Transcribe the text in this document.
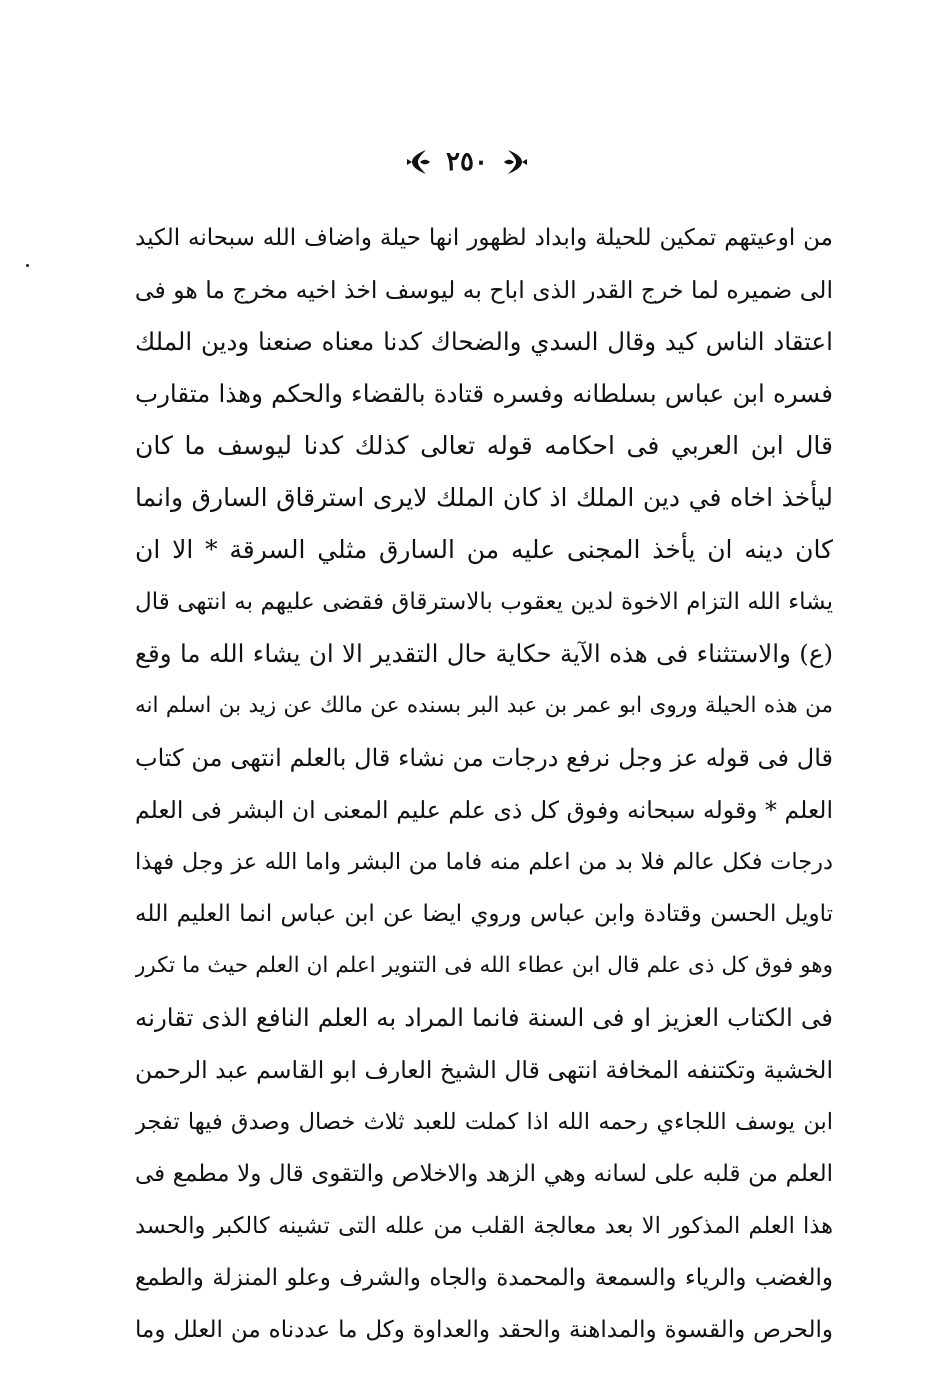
٢٥٠
من اوعيتهم تمكين للحيلة وابداد لظهور انها حيلة واضاف الله سبحانه الكيد
الى ضميره لما خرج القدر الذى اباح به ليوسف اخذ اخيه مخرج ما هو فى
اعتقاد الناس كيد وقال السدي والضحاك كدنا معناه صنعنا ودين الملك
فسره ابن عباس بسلطانه وفسره قتادة بالقضاء والحكم وهذا متقارب
قال ابن العربي فى احكامه قوله تعالى كذلك كدنا ليوسف ما كان
ليأخذ اخاه في دين الملك اذ كان الملك لايرى استرقاق السارق وانما
كان دينه ان يأخذ المجنى عليه من السارق مثلي السرقة * الا ان
يشاء الله التزام الاخوة لدين يعقوب بالاسترقاق فقضى عليهم به انتهى قال
(ع) والاستثناء فى هذه الآية حكاية حال التقدير الا ان يشاء الله ما وقع
من هذه الحيلة وروى ابو عمر بن عبد البر بسنده عن مالك عن زيد بن اسلم انه
قال فى قوله عز وجل نرفع درجات من نشاء قال بالعلم انتهى من كتاب
العلم * وقوله سبحانه وفوق كل ذى علم عليم المعنى ان البشر فى العلم
درجات فكل عالم فلا بد من اعلم منه فاما من البشر واما الله عز وجل فهذا
تاويل الحسن وقتادة وابن عباس وروي ايضا عن ابن عباس انما العليم الله
وهو فوق كل ذى علم قال ابن عطاء الله فى التنوير اعلم ان العلم حيث ما تكرر
فى الكتاب العزيز او فى السنة فانما المراد به العلم النافع الذى تقارنه
الخشية وتكتنفه المخافة انتهى قال الشيخ العارف ابو القاسم عبد الرحمن
ابن يوسف اللجاءي رحمه الله اذا كملت للعبد ثلاث خصال وصدق فيها تفجر
العلم من قلبه على لسانه وهي الزهد والاخلاص والتقوى قال ولا مطمع فى
هذا العلم المذكور الا بعد معالجة القلب من علله التى تشينه كالكبر والحسد
والغضب والرياء والسمعة والمحمدة والجاه والشرف وعلو المنزلة والطمع
والحرص والقسوة والمداهنة والحقد والعداوة وكل ما عددناه من العلل وما
